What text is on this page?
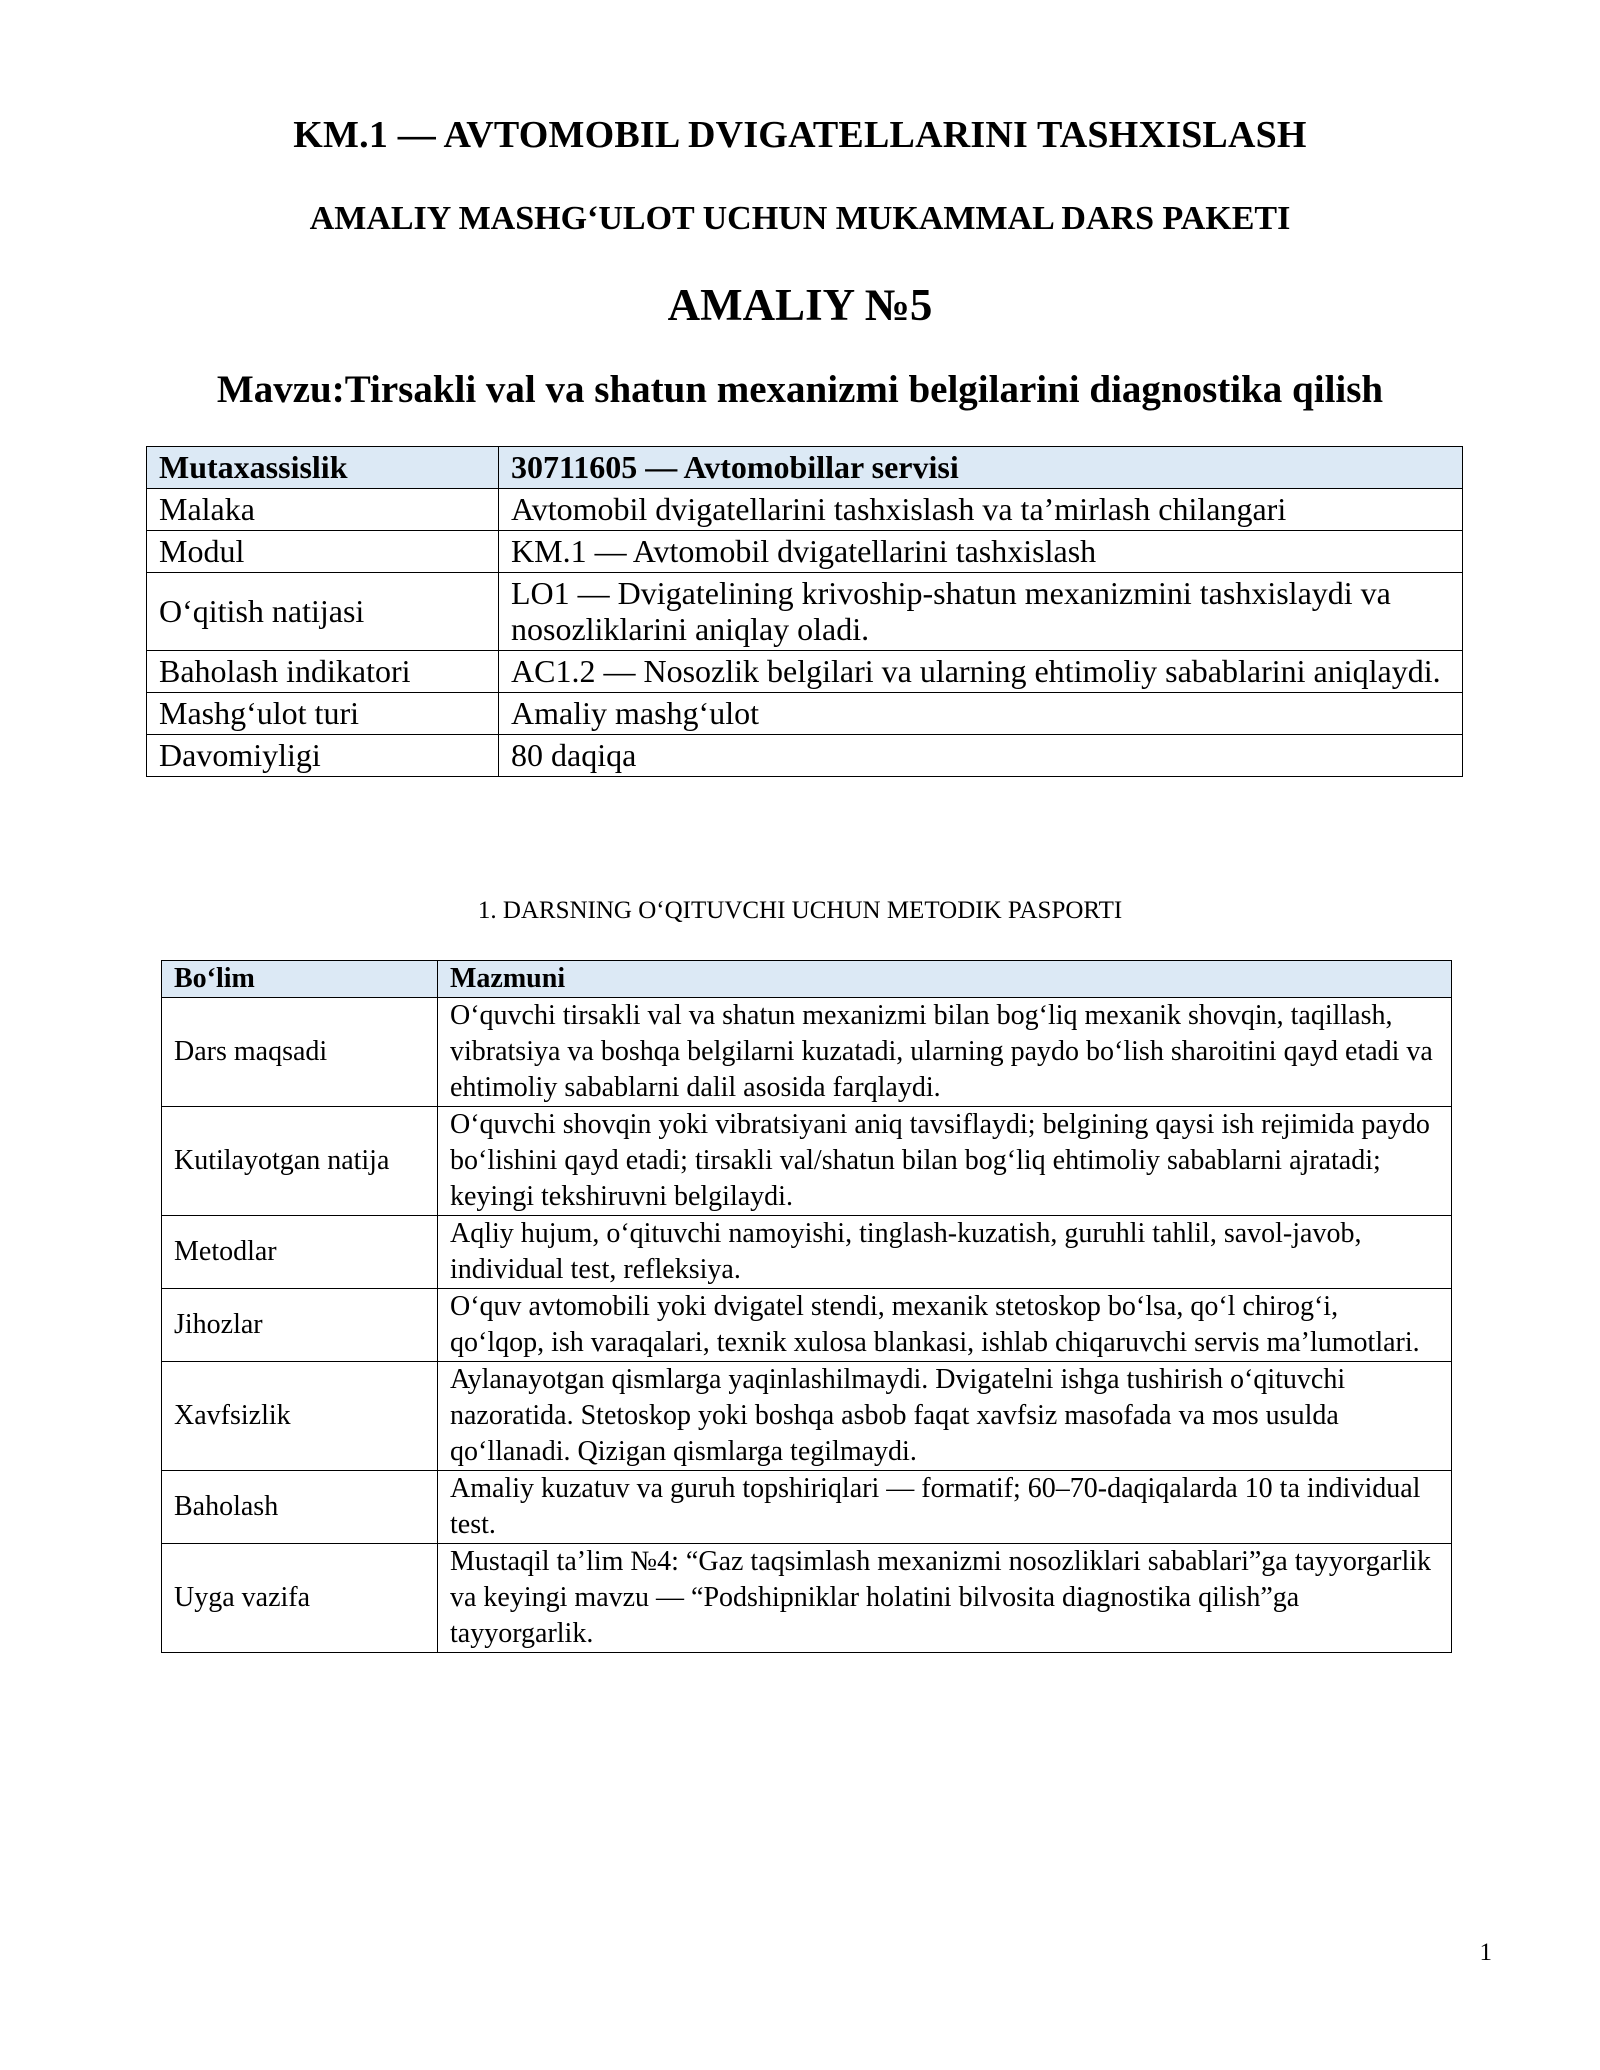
KM.1 — AVTOMOBIL DVIGATELLARINI TASHXISLASH
AMALIY MASHG‘ULOT UCHUN MUKAMMAL DARS PAKETI
AMALIY №5
Mavzu:Tirsakli val va shatun mexanizmi belgilarini diagnostika qilish
Mutaxassislik	30711605 — Avtomobillar servisi
Malaka	Avtomobil dvigatellarini tashxislash va ta’mirlash chilangari
Modul	KM.1 — Avtomobil dvigatellarini tashxislash
O‘qitish natijasi	LO1 — Dvigatelining krivoship-shatun mexanizmini tashxislaydi va nosozliklarini aniqlay oladi.
Baholash indikatori	AC1.2 — Nosozlik belgilari va ularning ehtimoliy sabablarini aniqlaydi.
Mashg‘ulot turi	Amaliy mashg‘ulot
Davomiyligi	80 daqiqa
1. DARSNING O‘QITUVCHI UCHUN METODIK PASPORTI
Bo‘lim	Mazmuni
Dars maqsadi	O‘quvchi tirsakli val va shatun mexanizmi bilan bog‘liq mexanik shovqin, taqillash, vibratsiya va boshqa belgilarni kuzatadi, ularning paydo bo‘lish sharoitini qayd etadi va ehtimoliy sabablarni dalil asosida farqlaydi.
Kutilayotgan natija	O‘quvchi shovqin yoki vibratsiyani aniq tavsiflaydi; belgining qaysi ish rejimida paydo bo‘lishini qayd etadi; tirsakli val/shatun bilan bog‘liq ehtimoliy sabablarni ajratadi; keyingi tekshiruvni belgilaydi.
Metodlar	Aqliy hujum, o‘qituvchi namoyishi, tinglash-kuzatish, guruhli tahlil, savol-javob, individual test, refleksiya.
Jihozlar	O‘quv avtomobili yoki dvigatel stendi, mexanik stetoskop bo‘lsa, qo‘l chirog‘i, qo‘lqop, ish varaqalari, texnik xulosa blankasi, ishlab chiqaruvchi servis ma’lumotlari.
Xavfsizlik	Aylanayotgan qismlarga yaqinlashilmaydi. Dvigatelni ishga tushirish o‘qituvchi nazoratida. Stetoskop yoki boshqa asbob faqat xavfsiz masofada va mos usulda qo‘llanadi. Qizigan qismlarga tegilmaydi.
Baholash	Amaliy kuzatuv va guruh topshiriqlari — formatif; 60–70-daqiqalarda 10 ta individual test.
Uyga vazifa	Mustaqil ta’lim №4: “Gaz taqsimlash mexanizmi nosozliklari sabablari”ga tayyorgarlik va keyingi mavzu — “Podshipniklar holatini bilvosita diagnostika qilish”ga tayyorgarlik.
1
